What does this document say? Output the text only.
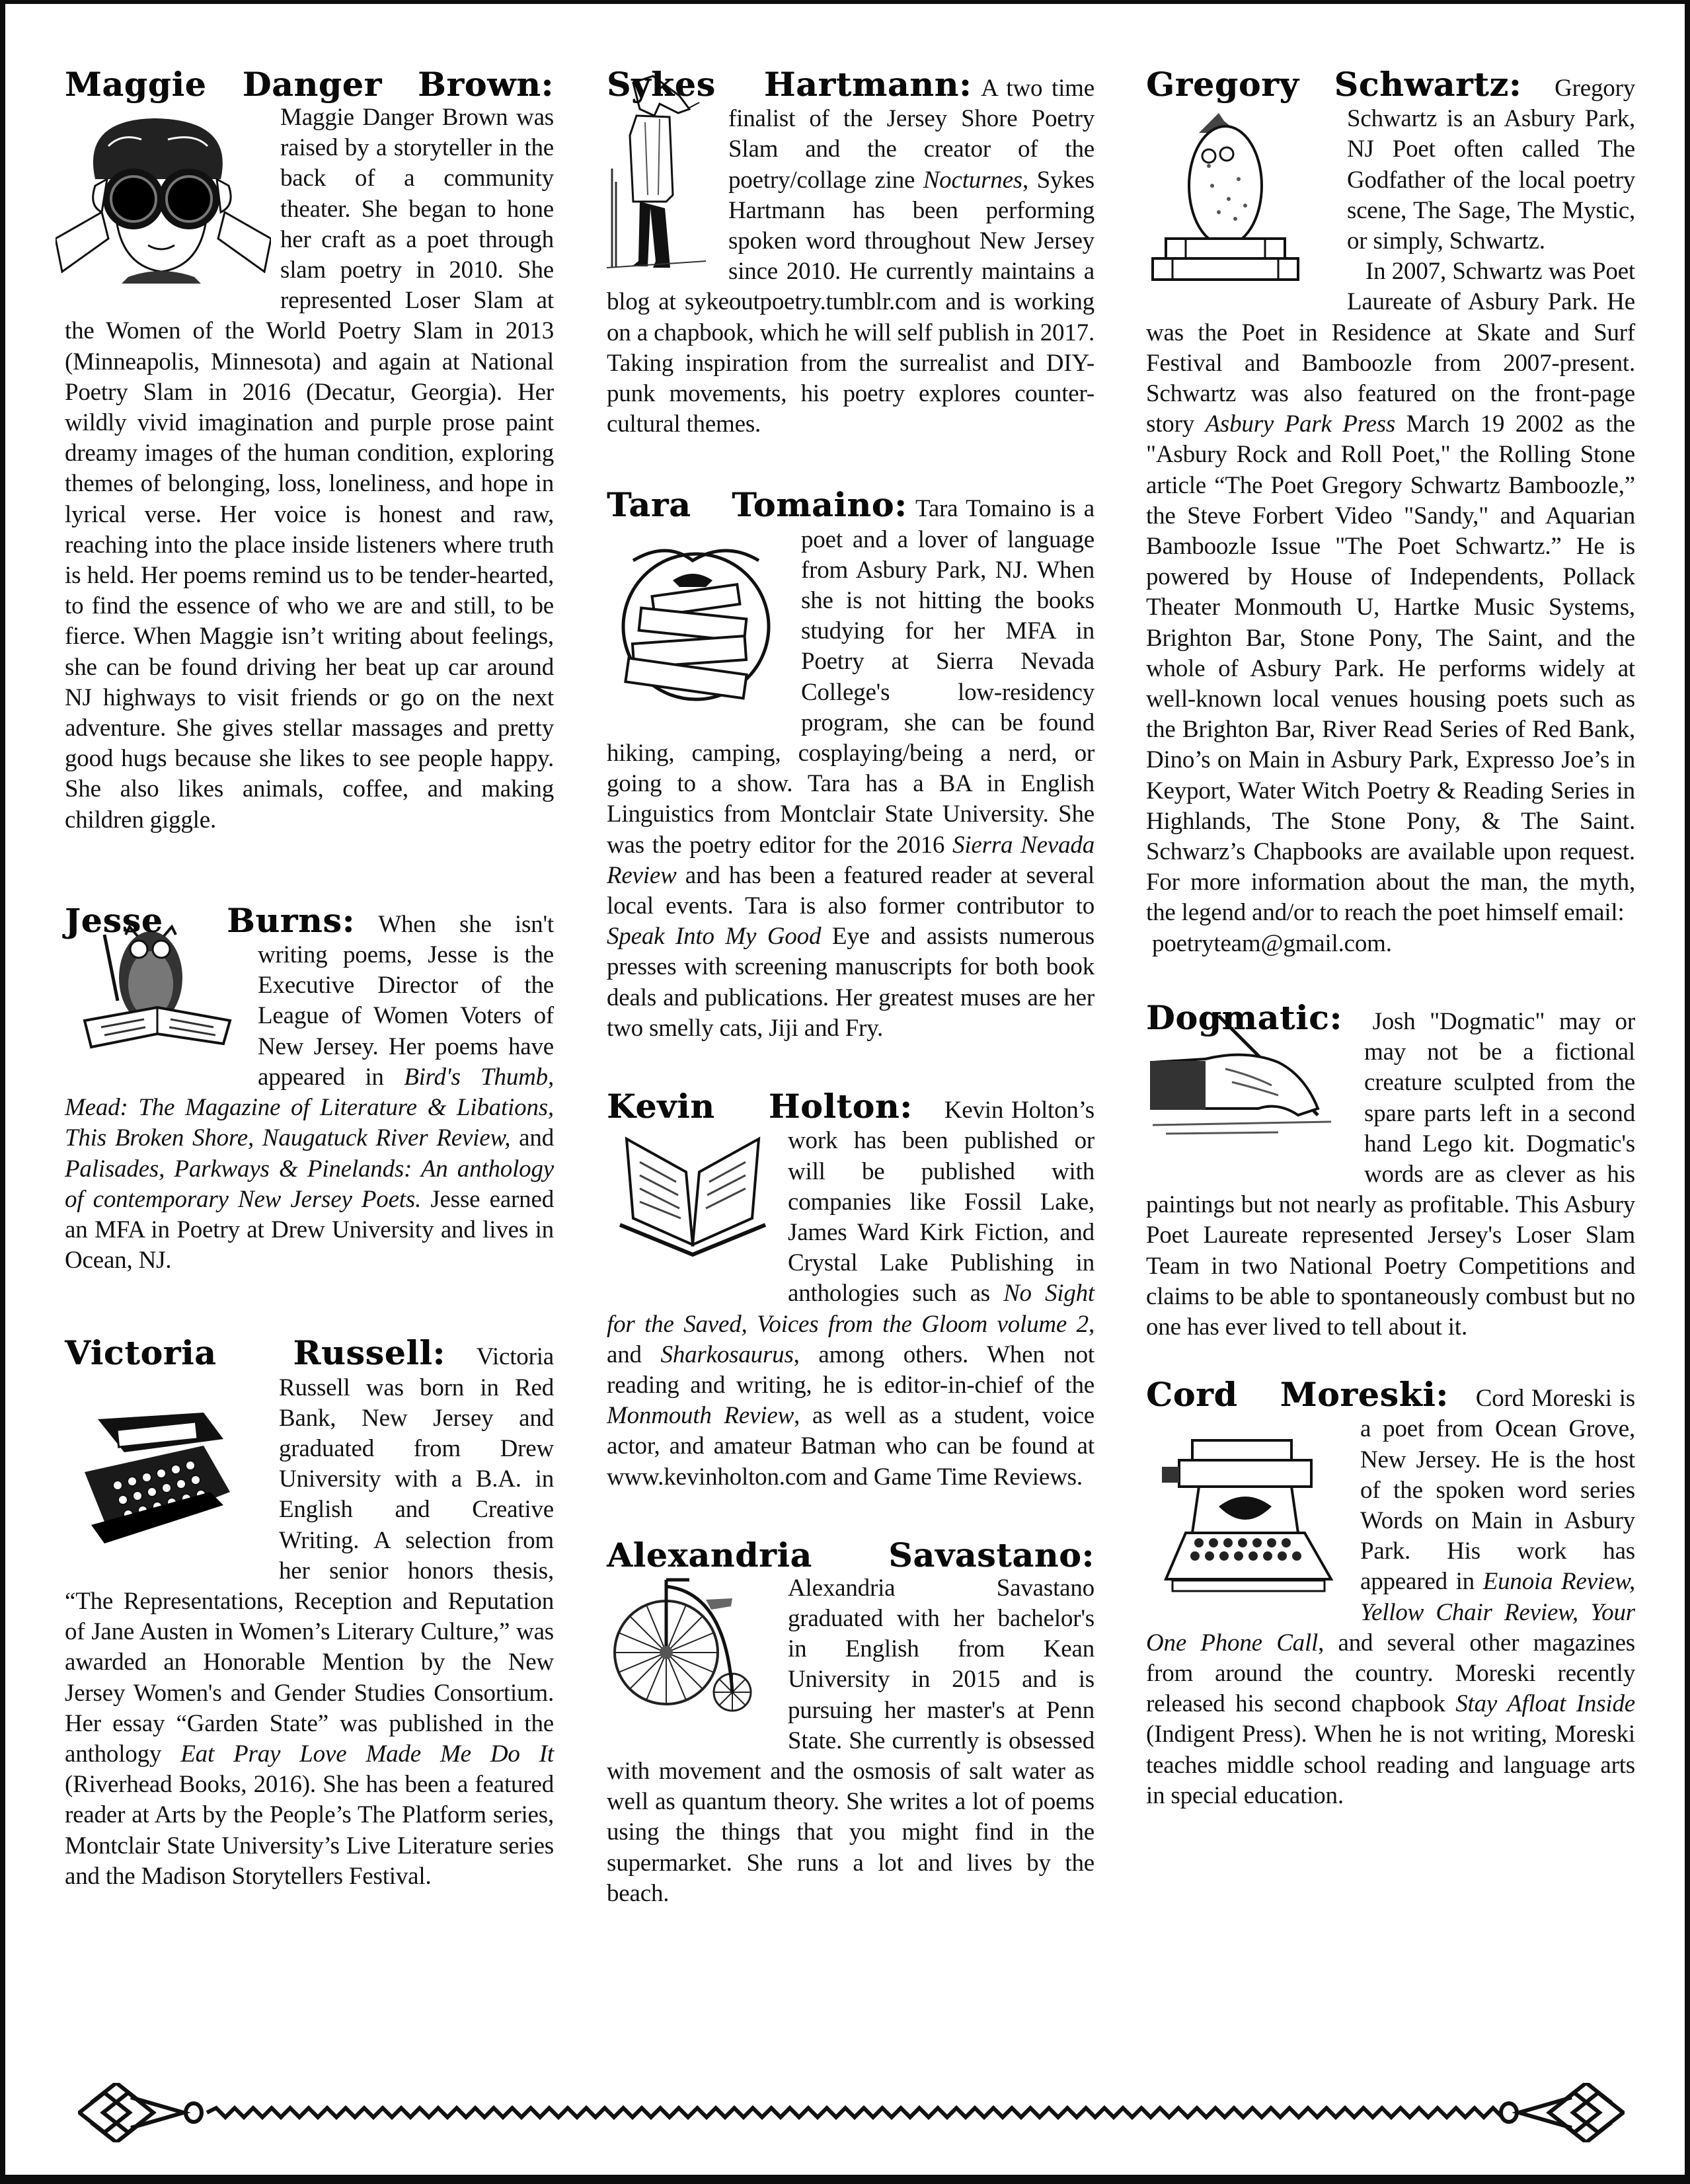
Maggie Danger Brown:

Maggie Danger Brown was raised by a storyteller in the back of a community theater. She began to hone her craft as a poet through slam poetry in 2010. She represented Loser Slam at the Women of the World Poetry Slam in 2013 (Minneapolis, Minnesota) and again at National Poetry Slam in 2016 (Decatur, Georgia). Her wildly vivid imagination and purple prose paint dreamy images of the human condition, exploring themes of belonging, loss, loneliness, and hope in lyrical verse. Her voice is honest and raw, reaching into the place inside listeners where truth is held. Her poems remind us to be tender-hearted, to find the essence of who we are and still, to be fierce. When Maggie isn’t writing about feelings, she can be found driving her beat up car around NJ highways to visit friends or go on the next adventure. She gives stellar massages and pretty good hugs because she likes to see people happy. She also likes animals, coffee, and making children giggle.

Jesse Burns: When she isn't writing poems, Jesse is the Executive Director of the League of Women Voters of New Jersey. Her poems have appeared in Bird's Thumb, Mead: The Magazine of Literature & Libations, This Broken Shore, Naugatuck River Review, and Palisades, Parkways & Pinelands: An anthology of contemporary New Jersey Poets. Jesse earned an MFA in Poetry at Drew University and lives in Ocean, NJ.

Victoria Russell: Victoria Russell was born in Red Bank, New Jersey and graduated from Drew University with a B.A. in English and Creative Writing. A selection from her senior honors thesis, “The Representations, Reception and Reputation of Jane Austen in Women’s Literary Culture,” was awarded an Honorable Mention by the New Jersey Women's and Gender Studies Consortium. Her essay “Garden State” was published in the anthology Eat Pray Love Made Me Do It (Riverhead Books, 2016). She has been a featured reader at Arts by the People’s The Platform series, Montclair State University’s Live Literature series and the Madison Storytellers Festival.

Sykes Hartmann: A two time finalist of the Jersey Shore Poetry Slam and the creator of the poetry/collage zine Nocturnes, Sykes Hartmann has been performing spoken word throughout New Jersey since 2010. He currently maintains a blog at sykeoutpoetry.tumblr.com and is working on a chapbook, which he will self publish in 2017. Taking inspiration from the surrealist and DIY-punk movements, his poetry explores counter-cultural themes.

Tara Tomaino: Tara Tomaino is a poet and a lover of language from Asbury Park, NJ. When she is not hitting the books studying for her MFA in Poetry at Sierra Nevada College's low-residency program, she can be found hiking, camping, cosplaying/being a nerd, or going to a show. Tara has a BA in English Linguistics from Montclair State University. She was the poetry editor for the 2016 Sierra Nevada Review and has been a featured reader at several local events. Tara is also former contributor to Speak Into My Good Eye and assists numerous presses with screening manuscripts for both book deals and publications. Her greatest muses are her two smelly cats, Jiji and Fry.

Kevin Holton: Kevin Holton’s work has been published or will be published with companies like Fossil Lake, James Ward Kirk Fiction, and Crystal Lake Publishing in anthologies such as No Sight for the Saved, Voices from the Gloom volume 2, and Sharkosaurus, among others. When not reading and writing, he is editor-in-chief of the Monmouth Review, as well as a student, voice actor, and amateur Batman who can be found at www.kevinholton.com and Game Time Reviews.

Alexandria Savastano:

Alexandria Savastano graduated with her bachelor's in English from Kean University in 2015 and is pursuing her master's at Penn State. She currently is obsessed with movement and the osmosis of salt water as well as quantum theory. She writes a lot of poems using the things that you might find in the supermarket. She runs a lot and lives by the beach.

Gregory Schwartz: Gregory Schwartz is an Asbury Park, NJ Poet often called The Godfather of the local poetry scene, The Sage, The Mystic, or simply, Schwartz.
In 2007, Schwartz was Poet Laureate of Asbury Park. He was the Poet in Residence at Skate and Surf Festival and Bamboozle from 2007-present. Schwartz was also featured on the front-page story Asbury Park Press March 19 2002 as the "Asbury Rock and Roll Poet," the Rolling Stone article “The Poet Gregory Schwartz Bamboozle,” the Steve Forbert Video "Sandy," and Aquarian Bamboozle Issue "The Poet Schwartz.” He is powered by House of Independents, Pollack Theater Monmouth U, Hartke Music Systems, Brighton Bar, Stone Pony, The Saint, and the whole of Asbury Park. He performs widely at well-known local venues housing poets such as the Brighton Bar, River Read Series of Red Bank, Dino’s on Main in Asbury Park, Expresso Joe’s in Keyport, Water Witch Poetry & Reading Series in Highlands, The Stone Pony, & The Saint. Schwarz’s Chapbooks are available upon request. For more information about the man, the myth, the legend and/or to reach the poet himself email:
poetryteam@gmail.com.

Dogmatic: Josh "Dogmatic" may or may not be a fictional creature sculpted from the spare parts left in a second hand Lego kit. Dogmatic's words are as clever as his paintings but not nearly as profitable. This Asbury Poet Laureate represented Jersey's Loser Slam Team in two National Poetry Competitions and claims to be able to spontaneously combust but no one has ever lived to tell about it.

Cord Moreski: Cord Moreski is a poet from Ocean Grove, New Jersey. He is the host of the spoken word series Words on Main in Asbury Park. His work has appeared in Eunoia Review, Yellow Chair Review, Your One Phone Call, and several other magazines from around the country. Moreski recently released his second chapbook Stay Afloat Inside (Indigent Press). When he is not writing, Moreski teaches middle school reading and language arts in special education.
